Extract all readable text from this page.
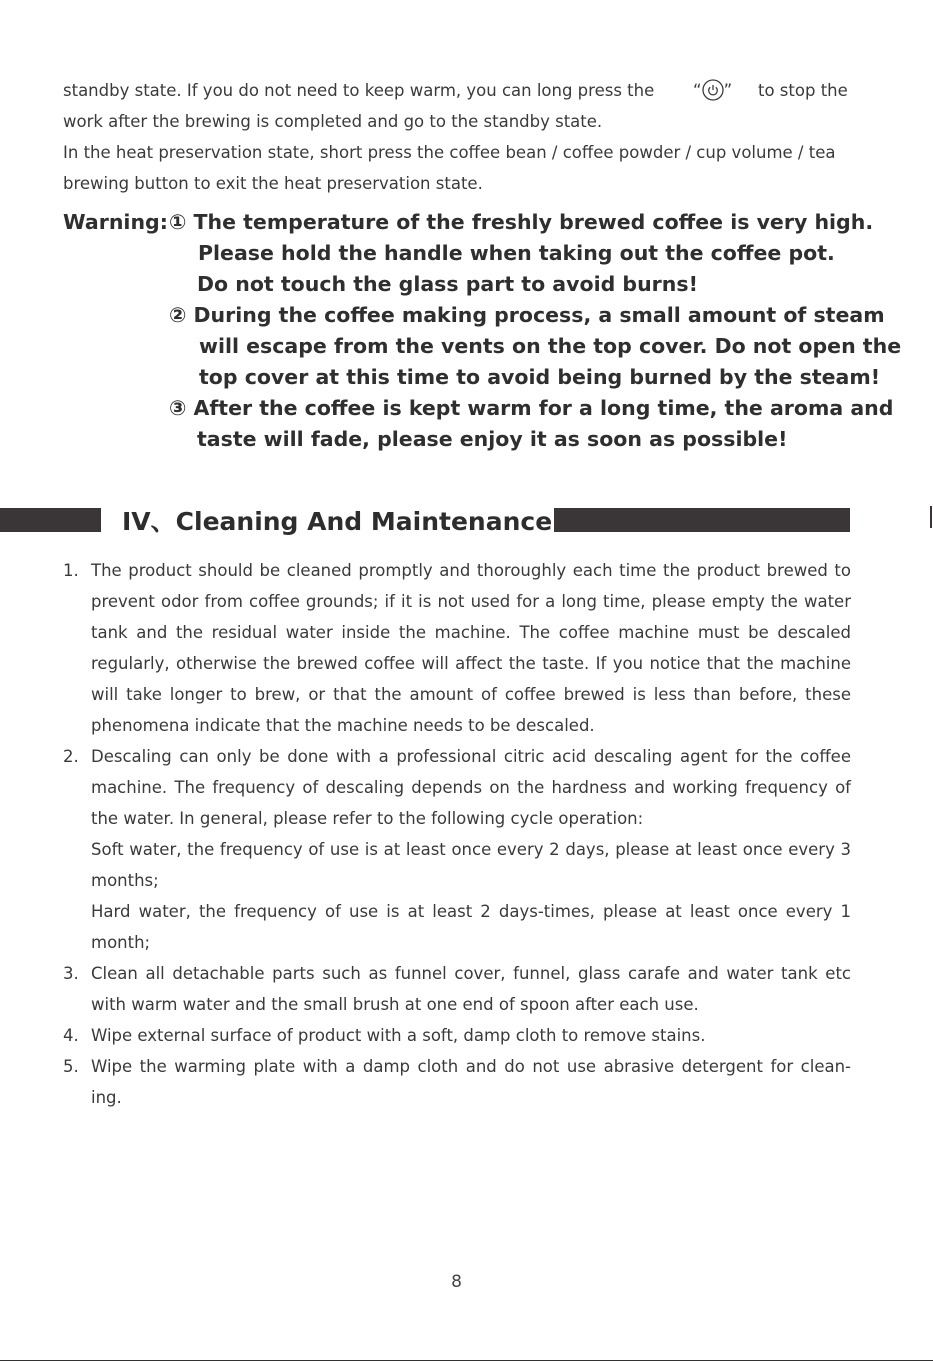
standby state. If you do not need to keep warm, you can long press the “ ” to stop the
work after the brewing is completed and go to the standby state.
In the heat preservation state, short press the coffee bean / coffee powder / cup volume / tea
brewing button to exit the heat preservation state.
Warning: ① The temperature of the freshly brewed coffee is very high.
Please hold the handle when taking out the coffee pot.
Do not touch the glass part to avoid burns!
② During the coffee making process, a small amount of steam
will escape from the vents on the top cover. Do not open the
top cover at this time to avoid being burned by the steam!
③ After the coffee is kept warm for a long time, the aroma and
taste will fade, please enjoy it as soon as possible!
IV、Cleaning And Maintenance
1. The product should be cleaned promptly and thoroughly each time the product brewed to
prevent odor from coffee grounds; if it is not used for a long time, please empty the water
tank and the residual water inside the machine. The coffee machine must be descaled
regularly, otherwise the brewed coffee will affect the taste. If you notice that the machine
will take longer to brew, or that the amount of coffee brewed is less than before, these
phenomena indicate that the machine needs to be descaled.
2. Descaling can only be done with a professional citric acid descaling agent for the coffee
machine. The frequency of descaling depends on the hardness and working frequency of
the water. In general, please refer to the following cycle operation:
Soft water, the frequency of use is at least once every 2 days, please at least once every 3
months;
Hard water, the frequency of use is at least 2 days-times, please at least once every 1
month;
3. Clean all detachable parts such as funnel cover, funnel, glass carafe and water tank etc
with warm water and the small brush at one end of spoon after each use.
4. Wipe external surface of product with a soft, damp cloth to remove stains.
5. Wipe the warming plate with a damp cloth and do not use abrasive detergent for clean-
ing.
8
